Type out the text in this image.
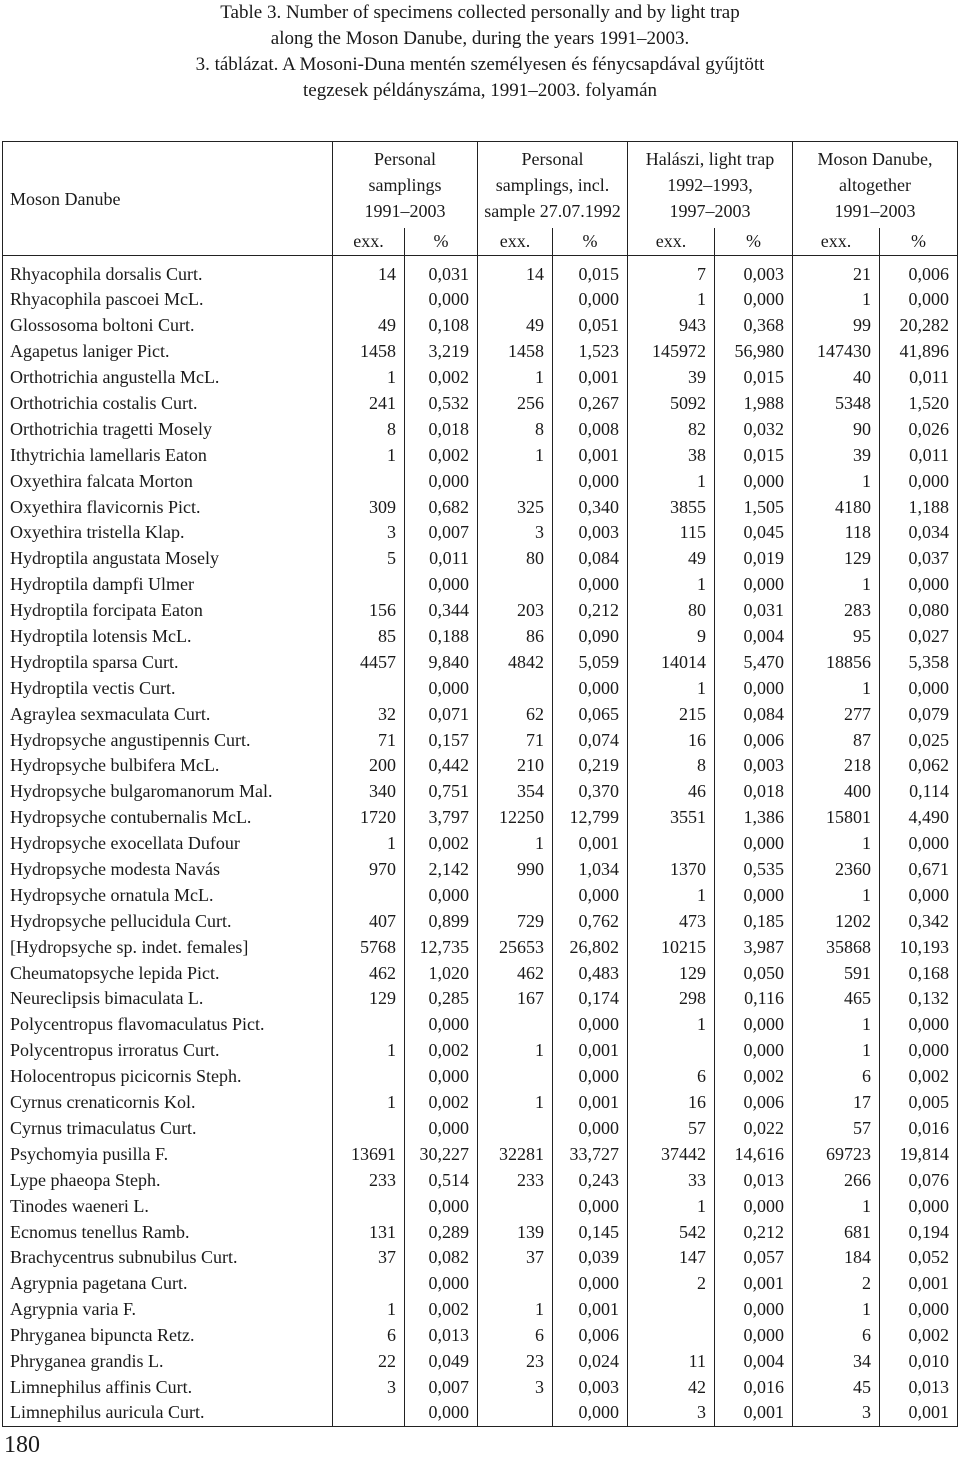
Table 3. Number of specimens collected personally and by light trap
along the Moson Danube, during the years 1991–2003.
3. táblázat. A Mosoni-Duna mentén személyesen és fénycsapdával gyűjtött
tegzesek példányszáma, 1991–2003. folyamán
Moson Danube	Personal
samplings
1991–2003		Personal
samplings, incl.
sample 27.07.1992		Halászi, light trap
1992–1993,
1997–2003		Moson Danube,
altogether
1991–2003	

	exx.	%	exx.	%	exx.	%	exx.	%
Rhyacophila dorsalis Curt.	14	0,031	14	0,015	7	0,003	21	0,006
Rhyacophila pascoei McL.		0,000		0,000	1	0,000	1	0,000
Glossosoma boltoni Curt.	49	0,108	49	0,051	943	0,368	99	20,282
Agapetus laniger Pict.	1458	3,219	1458	1,523	145972	56,980	147430	41,896
Orthotrichia angustella McL.	1	0,002	1	0,001	39	0,015	40	0,011
Orthotrichia costalis Curt.	241	0,532	256	0,267	5092	1,988	5348	1,520
Orthotrichia tragetti Mosely	8	0,018	8	0,008	82	0,032	90	0,026
Ithytrichia lamellaris Eaton	1	0,002	1	0,001	38	0,015	39	0,011
Oxyethira falcata Morton		0,000		0,000	1	0,000	1	0,000
Oxyethira flavicornis Pict.	309	0,682	325	0,340	3855	1,505	4180	1,188
Oxyethira tristella Klap.	3	0,007	3	0,003	115	0,045	118	0,034
Hydroptila angustata Mosely	5	0,011	80	0,084	49	0,019	129	0,037
Hydroptila dampfi Ulmer		0,000		0,000	1	0,000	1	0,000
Hydroptila forcipata Eaton	156	0,344	203	0,212	80	0,031	283	0,080
Hydroptila lotensis McL.	85	0,188	86	0,090	9	0,004	95	0,027
Hydroptila sparsa Curt.	4457	9,840	4842	5,059	14014	5,470	18856	5,358
Hydroptila vectis Curt.		0,000		0,000	1	0,000	1	0,000
Agraylea sexmaculata Curt.	32	0,071	62	0,065	215	0,084	277	0,079
Hydropsyche angustipennis Curt.	71	0,157	71	0,074	16	0,006	87	0,025
Hydropsyche bulbifera McL.	200	0,442	210	0,219	8	0,003	218	0,062
Hydropsyche bulgaromanorum Mal.	340	0,751	354	0,370	46	0,018	400	0,114
Hydropsyche contubernalis McL.	1720	3,797	12250	12,799	3551	1,386	15801	4,490
Hydropsyche exocellata Dufour	1	0,002	1	0,001		0,000	1	0,000
Hydropsyche modesta Navás	970	2,142	990	1,034	1370	0,535	2360	0,671
Hydropsyche ornatula McL.		0,000		0,000	1	0,000	1	0,000
Hydropsyche pellucidula Curt.	407	0,899	729	0,762	473	0,185	1202	0,342
[Hydropsyche sp. indet. females]	5768	12,735	25653	26,802	10215	3,987	35868	10,193
Cheumatopsyche lepida Pict.	462	1,020	462	0,483	129	0,050	591	0,168
Neureclipsis bimaculata L.	129	0,285	167	0,174	298	0,116	465	0,132
Polycentropus flavomaculatus Pict.		0,000		0,000	1	0,000	1	0,000
Polycentropus irroratus Curt.	1	0,002	1	0,001		0,000	1	0,000
Holocentropus picicornis Steph.		0,000		0,000	6	0,002	6	0,002
Cyrnus crenaticornis Kol.	1	0,002	1	0,001	16	0,006	17	0,005
Cyrnus trimaculatus Curt.		0,000		0,000	57	0,022	57	0,016
Psychomyia pusilla F.	13691	30,227	32281	33,727	37442	14,616	69723	19,814
Lype phaeopa Steph.	233	0,514	233	0,243	33	0,013	266	0,076
Tinodes waeneri L.		0,000		0,000	1	0,000	1	0,000
Ecnomus tenellus Ramb.	131	0,289	139	0,145	542	0,212	681	0,194
Brachycentrus subnubilus Curt.	37	0,082	37	0,039	147	0,057	184	0,052
Agrypnia pagetana Curt.		0,000		0,000	2	0,001	2	0,001
Agrypnia varia F.	1	0,002	1	0,001		0,000	1	0,000
Phryganea bipuncta Retz.	6	0,013	6	0,006		0,000	6	0,002
Phryganea grandis L.	22	0,049	23	0,024	11	0,004	34	0,010
Limnephilus affinis Curt.	3	0,007	3	0,003	42	0,016	45	0,013
Limnephilus auricula Curt.		0,000		0,000	3	0,001	3	0,001
180
